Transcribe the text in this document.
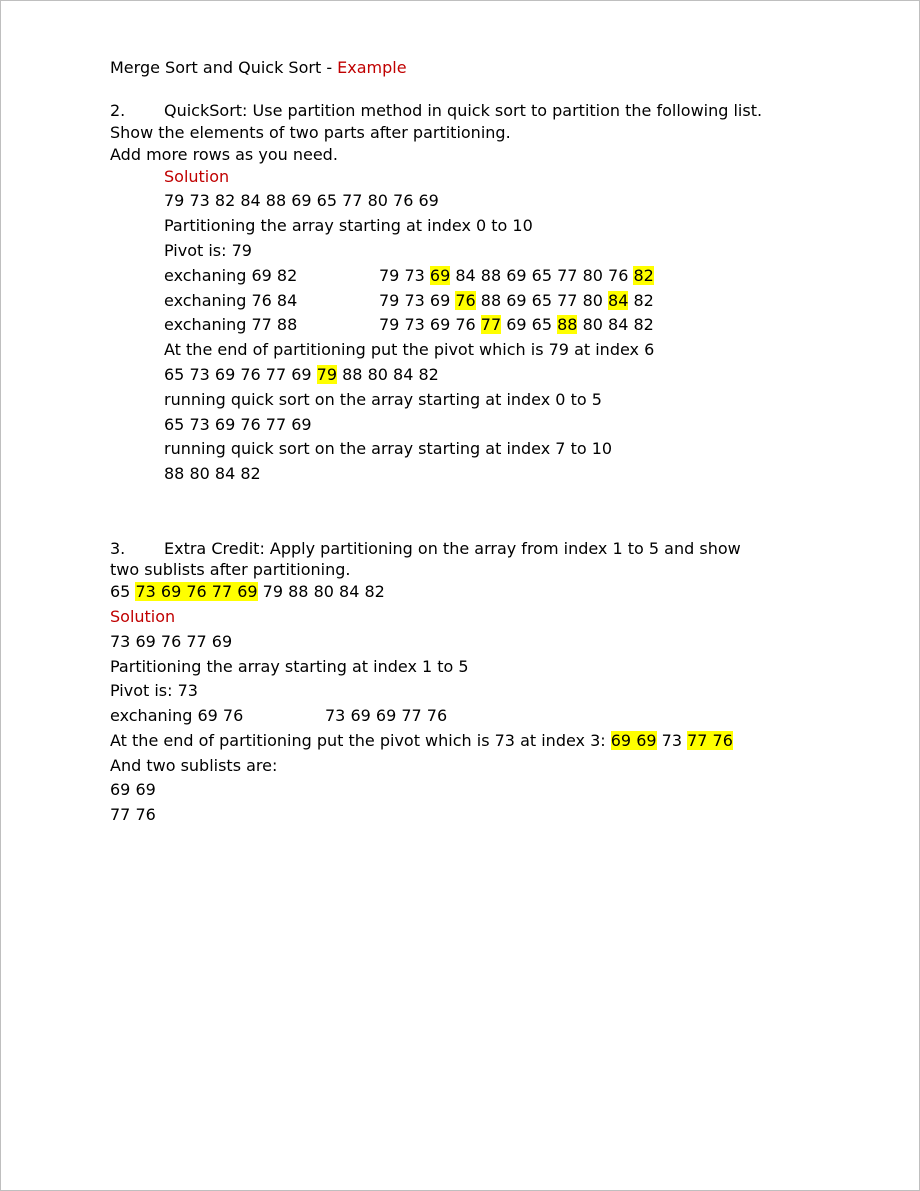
Merge Sort and Quick Sort - Example
2. QuickSort: Use partition method in quick sort to partition the following list.
Show the elements of two parts after partitioning.
Add more rows as you need.
Solution
79 73 82 84 88 69 65 77 80 76 69
Partitioning the array starting at index 0 to 10
Pivot is: 79
exchaning 69 82	79 73 69 84 88 69 65 77 80 76 82
exchaning 76 84	79 73 69 76 88 69 65 77 80 84 82
exchaning 77 88	79 73 69 76 77 69 65 88 80 84 82
At the end of partitioning put the pivot which is 79 at index 6
65 73 69 76 77 69 79 88 80 84 82
running quick sort on the array starting at index 0 to 5
65 73 69 76 77 69
running quick sort on the array starting at index 7 to 10
88 80 84 82
3. Extra Credit: Apply partitioning on the array from index 1 to 5 and show
two sublists after partitioning.
65 73 69 76 77 69 79 88 80 84 82
Solution
73 69 76 77 69
Partitioning the array starting at index 1 to 5
Pivot is: 73
exchaning 69 76	73 69 69 77 76
At the end of partitioning put the pivot which is 73 at index 3: 69 69 73 77 76
And two sublists are:
69 69
77 76
